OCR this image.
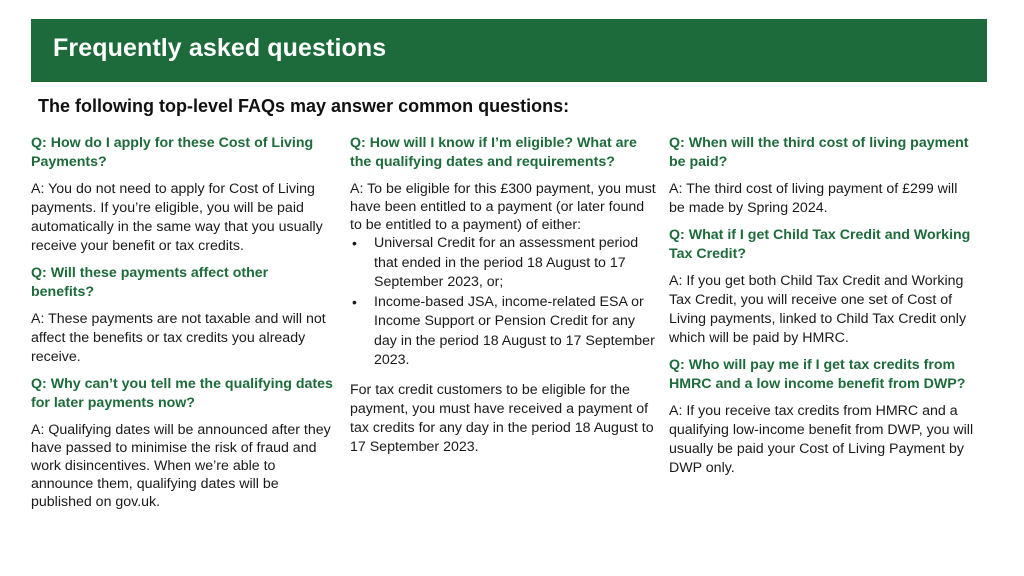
Frequently asked questions

The following top-level FAQs may answer common questions:

Q: How do I apply for these Cost of Living Payments?

A: You do not need to apply for Cost of Living payments. If you’re eligible, you will be paid automatically in the same way that you usually receive your benefit or tax credits.

Q: Will these payments affect other benefits?

A: These payments are not taxable and will not affect the benefits or tax credits you already receive.

Q: Why can’t you tell me the qualifying dates for later payments now?

A: Qualifying dates will be announced after they have passed to minimise the risk of fraud and work disincentives. When we’re able to announce them, qualifying dates will be published on gov.uk.

Q: How will I know if I’m eligible? What are the qualifying dates and requirements?

A: To be eligible for this £300 payment, you must have been entitled to a payment (or later found to be entitled to a payment) of either:

• Universal Credit for an assessment period that ended in the period 18 August to 17 September 2023, or;
• Income-based JSA, income-related ESA or Income Support or Pension Credit for any day in the period 18 August to 17 September 2023.

For tax credit customers to be eligible for the payment, you must have received a payment of tax credits for any day in the period 18 August to 17 September 2023.

Q: When will the third cost of living payment be paid?

A: The third cost of living payment of £299 will be made by Spring 2024.

Q: What if I get Child Tax Credit and Working Tax Credit?

A: If you get both Child Tax Credit and Working Tax Credit, you will receive one set of Cost of Living payments, linked to Child Tax Credit only which will be paid by HMRC.

Q: Who will pay me if I get tax credits from HMRC and a low income benefit from DWP?

A: If you receive tax credits from HMRC and a qualifying low-income benefit from DWP, you will usually be paid your Cost of Living Payment by DWP only.
